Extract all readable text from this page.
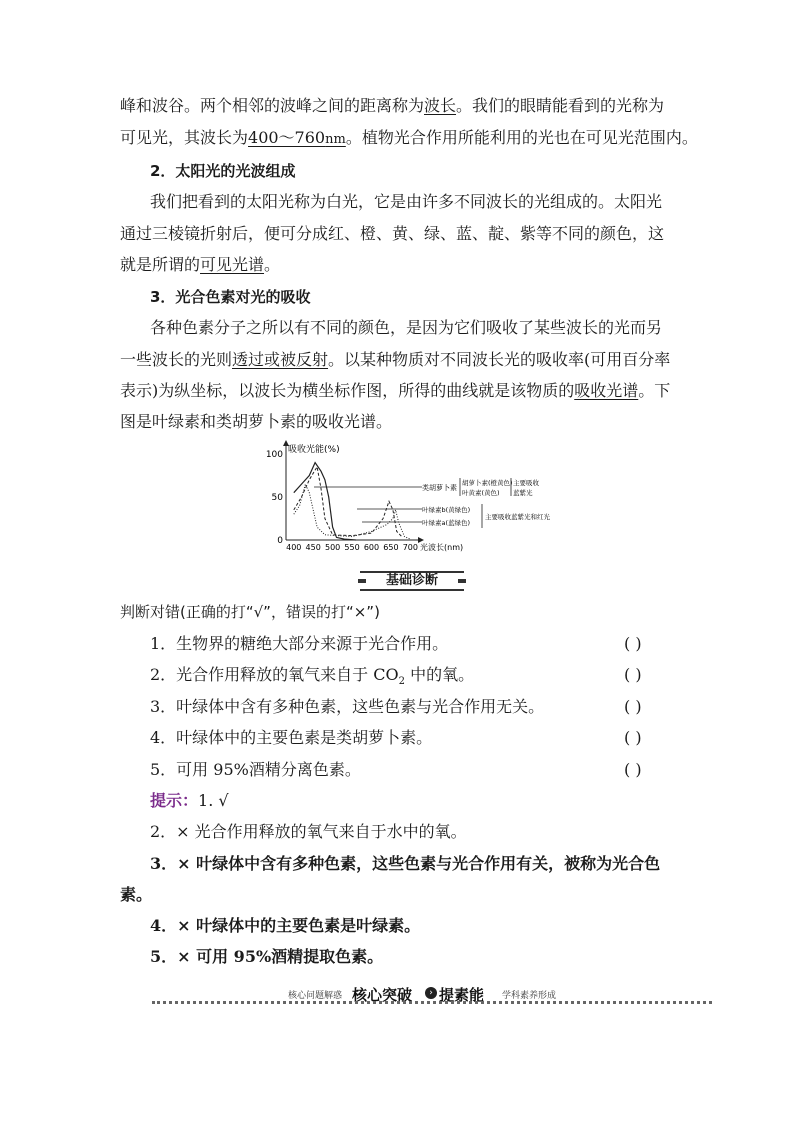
峰和波谷。两个相邻的波峰之间的距离称为波长。我们的眼睛能看到的光称为
可见光，其波长为400～760nm。植物光合作用所能利用的光也在可见光范围内。
2．太阳光的光波组成
我们把看到的太阳光称为白光，它是由许多不同波长的光组成的。太阳光
通过三棱镜折射后，便可分成红、橙、黄、绿、蓝、靛、紫等不同的颜色，这
就是所谓的可见光谱。
3．光合色素对光的吸收
各种色素分子之所以有不同的颜色，是因为它们吸收了某些波长的光而另
一些波长的光则透过或被反射。以某种物质对不同波长光的吸收率(可用百分率
表示)为纵坐标，以波长为横坐标作图，所得的曲线就是该物质的吸收光谱。下
图是叶绿素和类胡萝卜素的吸收光谱。
吸收光能(%)
光波长(nm)
100
50
0
400 450 500 550 600 650 700
类胡萝卜素
胡萝卜素(橙黄色)
叶黄素(黄色)
主要吸收
蓝紫光
叶绿素b(黄绿色)
叶绿素a(蓝绿色)
主要吸收蓝紫光和红光
基础诊断
判断对错(正确的打“√”，错误的打“×”)
1．生物界的糖绝大部分来源于光合作用。	( )
2．光合作用释放的氧气来自于 $CO_2$ 中的氧。	( )
3．叶绿体中含有多种色素，这些色素与光合作用无关。	( )
4．叶绿体中的主要色素是类胡萝卜素。	( )
5．可用 95%酒精分离色素。	( )
提示：1. √
2．× 光合作用释放的氧气来自于水中的氧。
3．× 叶绿体中含有多种色素，这些色素与光合作用有关，被称为光合色
素。
4．× 叶绿体中的主要色素是叶绿素。
5．× 可用 95%酒精提取色素。
核心问题解惑 核心突破	› 提素能 学科素养形成
